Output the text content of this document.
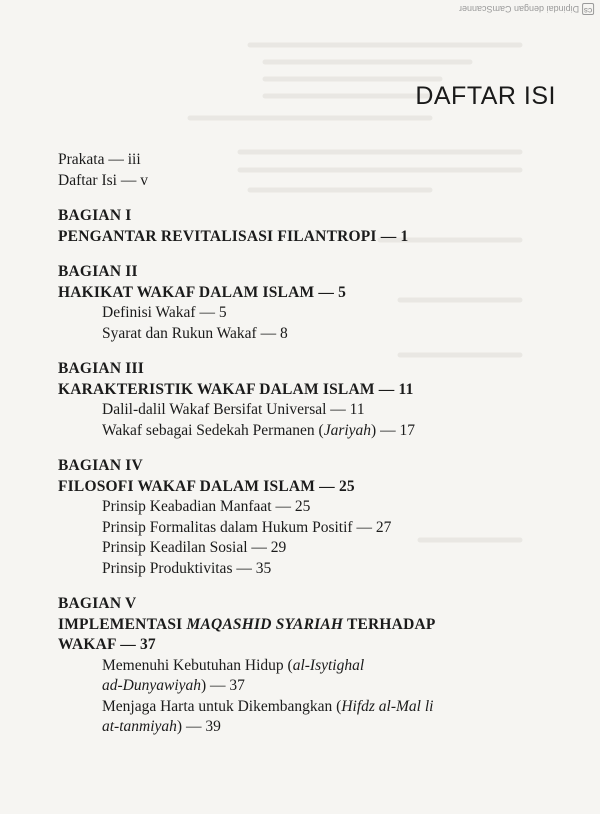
CS
Dipindai dengan CamScanner
DAFTAR ISI
Prakata — iii
Daftar Isi — v
BAGIAN I
PENGANTAR REVITALISASI FILANTROPI — 1
BAGIAN II
HAKIKAT WAKAF DALAM ISLAM — 5
Definisi Wakaf — 5
Syarat dan Rukun Wakaf — 8
BAGIAN III
KARAKTERISTIK WAKAF DALAM ISLAM — 11
Dalil-dalil Wakaf Bersifat Universal — 11
Wakaf sebagai Sedekah Permanen (Jariyah) — 17
BAGIAN IV
FILOSOFI WAKAF DALAM ISLAM — 25
Prinsip Keabadian Manfaat — 25
Prinsip Formalitas dalam Hukum Positif — 27
Prinsip Keadilan Sosial — 29
Prinsip Produktivitas — 35
BAGIAN V
IMPLEMENTASI MAQASHID SYARIAH TERHADAP
WAKAF — 37
Memenuhi Kebutuhan Hidup (al-Isytighal
ad-Dunyawiyah) — 37
Menjaga Harta untuk Dikembangkan (Hifdz al-Mal li
at-tanmiyah) — 39
